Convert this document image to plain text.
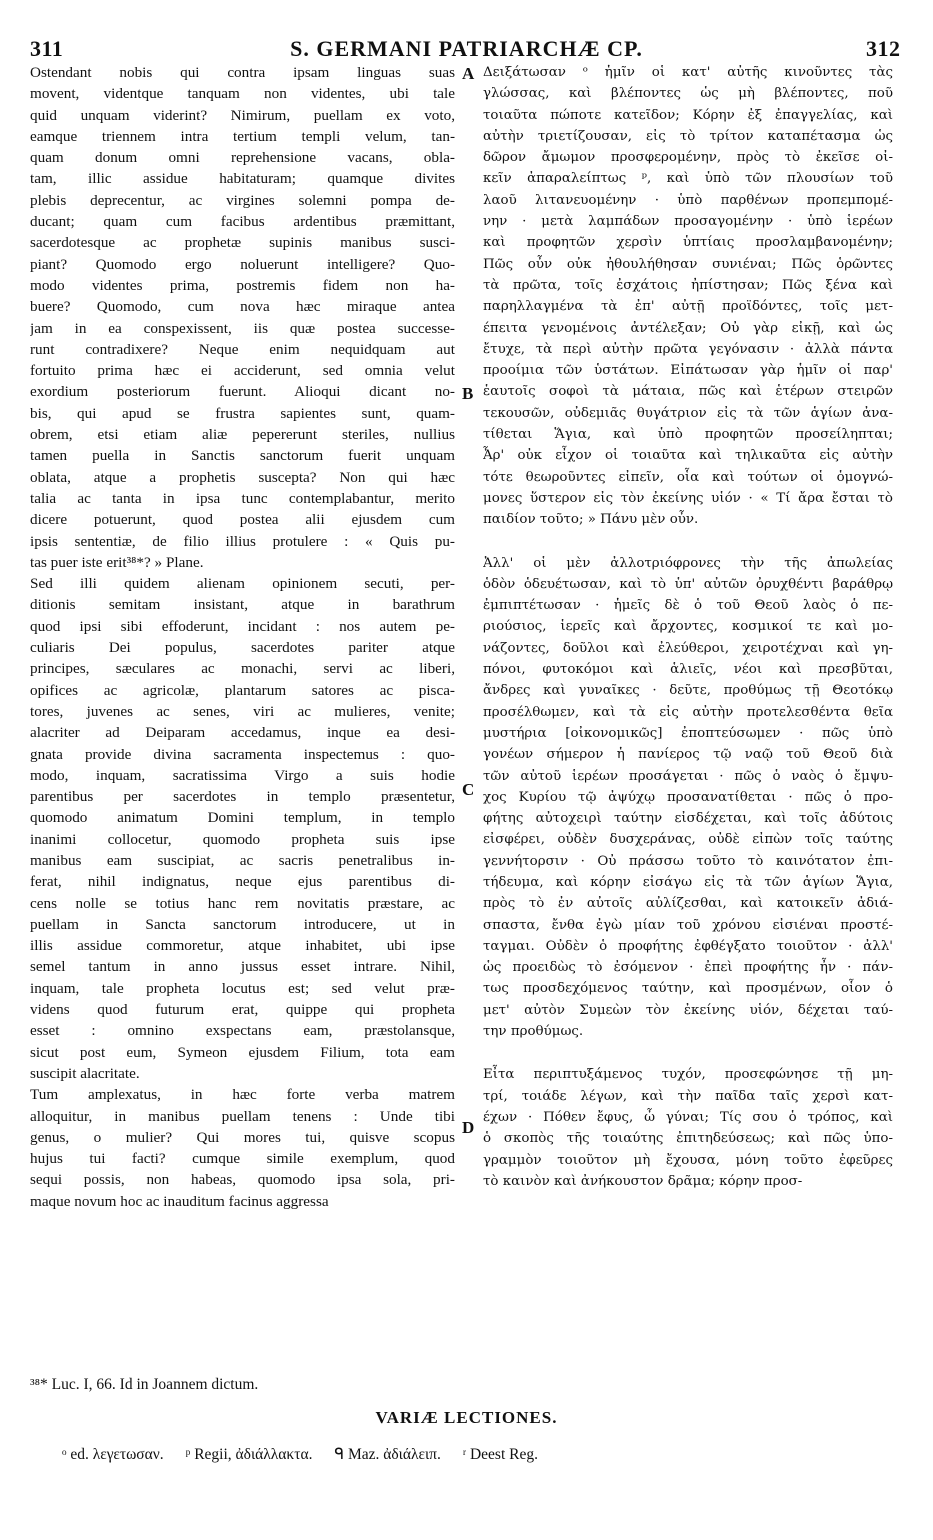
311	S. GERMANI PATRIARCHÆ CP.	312
A
B
C
D

Ostendant nobis qui contra ipsam linguas suas
movent, videntque tanquam non videntes, ubi tale
quid unquam viderint? Nimirum, puellam ex voto,
eamque triennem intra tertium templi velum, tan-
quam donum omni reprehensione vacans, obla-
tam, illic assidue habitaturam; quamque divites
plebis deprecentur, ac virgines solemni pompa de-
ducant; quam cum facibus ardentibus præmittant,
sacerdotesque ac prophetæ supinis manibus susci-
piant? Quomodo ergo noluerunt intelligere? Quo-
modo videntes prima, postremis fidem non ha-
buere? Quomodo, cum nova hæc miraque antea
jam in ea conspexissent, iis quæ postea successe-
runt contradixere? Neque enim nequidquam aut
fortuito prima hæc ei acciderunt, sed omnia velut
exordium posteriorum fuerunt. Alioqui dicant no-
bis, qui apud se frustra sapientes sunt, quam-
obrem, etsi etiam aliæ pepererunt steriles, nullius
tamen puella in Sanctis sanctorum fuerit unquam
oblata, atque a prophetis suscepta? Non qui hæc
talia ac tanta in ipsa tunc contemplabantur, merito
dicere potuerunt, quod postea alii ejusdem cum
ipsis sententiæ, de filio illius protulere : « Quis pu-
tas puer iste erit³⁸*? » Plane.

Sed illi quidem alienam opinionem secuti, per-
ditionis semitam insistant, atque in barathrum
quod ipsi sibi effoderunt, incidant : nos autem pe-
culiaris Dei populus, sacerdotes pariter atque
principes, sæculares ac monachi, servi ac liberi,
opifices ac agricolæ, plantarum satores ac pisca-
tores, juvenes ac senes, viri ac mulieres, venite;
alacriter ad Deiparam accedamus, inque ea desi-
gnata provide divina sacramenta inspectemus : quo-
modo, inquam, sacratissima Virgo a suis hodie
parentibus per sacerdotes in templo præsentetur,
quomodo animatum Domini templum, in templo
inanimi collocetur, quomodo propheta suis ipse
manibus eam suscipiat, ac sacris penetralibus in-
ferat, nihil indignatus, neque ejus parentibus di-
cens nolle se totius hanc rem novitatis præstare, ac
puellam in Sancta sanctorum introducere, ut in
illis assidue commoretur, atque inhabitet, ubi ipse
semel tantum in anno jussus esset intrare. Nihil,
inquam, tale propheta locutus est; sed velut præ-
videns quod futurum erat, quippe qui propheta
esset : omnino exspectans eam, præstolansque,
sicut post eum, Symeon ejusdem Filium, tota eam
suscipit alacritate.

Tum amplexatus, in hæc forte verba matrem
alloquitur, in manibus puellam tenens : Unde tibi
genus, o mulier? Qui mores tui, quisve scopus
hujus tui facti? cumque simile exemplum, quod
sequi possis, non habeas, quomodo ipsa sola, pri-
maque novum hoc ac inauditum facinus aggressa

Δειξάτωσαν ᵒ ἡμῖν οἱ κατ' αὐτῆς κινοῦντες τὰς
γλώσσας, καὶ βλέποντες ὡς μὴ βλέποντες, ποῦ
τοιαῦτα πώποτε κατεῖδον; Κόρην ἐξ ἐπαγγελίας, καὶ
αὐτὴν τριετίζουσαν, εἰς τὸ τρίτον καταπέτασμα ὡς
δῶρον ἄμωμον προσφερομένην, πρὸς τὸ ἐκεῖσε οἰ-
κεῖν ἀπαραλείπτως ᵖ, καὶ ὑπὸ τῶν πλουσίων τοῦ
λαοῦ λιτανευομένην · ὑπὸ παρθένων προπεμπομέ-
νην · μετὰ λαμπάδων προσαγομένην · ὑπὸ ἱερέων
καὶ προφητῶν χερσὶν ὑπτίαις προσλαμβανομένην;
Πῶς οὖν οὐκ ἠθουλήθησαν συνιέναι; Πῶς ὁρῶντες
τὰ πρῶτα, τοῖς ἐσχάτοις ἠπίστησαν; Πῶς ξένα καὶ
παρηλλαγμένα τὰ ἐπ' αὐτῇ προϊδόντες, τοῖς μετ-
έπειτα γενομένοις ἀντέλεξαν; Οὐ γὰρ εἰκῇ, καὶ ὡς
ἔτυχε, τὰ περὶ αὐτὴν πρῶτα γεγόνασιν · ἀλλὰ πάντα
προοίμια τῶν ὑστάτων. Εἰπάτωσαν γὰρ ἡμῖν οἱ παρ'
ἑαυτοῖς σοφοὶ τὰ μάταια, πῶς καὶ ἑτέρων στειρῶν
τεκουσῶν, οὐδεμιᾶς θυγάτριον εἰς τὰ τῶν ἁγίων ἀνα-
τίθεται Ἅγια, καὶ ὑπὸ προφητῶν προσείληπται;
Ἆρ' οὐκ εἶχον οἱ τοιαῦτα καὶ τηλικαῦτα εἰς αὐτὴν
τότε θεωροῦντες εἰπεῖν, οἷα καὶ τούτων οἱ ὁμογνώ-
μονες ὕστερον εἰς τὸν ἐκείνης υἱόν · « Τί ἄρα ἔσται τὸ
παιδίον τοῦτο; » Πάνυ μὲν οὖν.

Ἀλλ' οἱ μὲν ἀλλοτριόφρονες τὴν τῆς ἀπωλείας
ὁδὸν ὁδευέτωσαν, καὶ τὸ ὑπ' αὐτῶν ὀρυχθέντι βαράθρῳ
ἐμπιπτέτωσαν · ἡμεῖς δὲ ὁ τοῦ Θεοῦ λαὸς ὁ πε-
ριούσιος, ἱερεῖς καὶ ἄρχοντες, κοσμικοί τε καὶ μο-
νάζοντες, δοῦλοι καὶ ἐλεύθεροι, χειροτέχναι καὶ γη-
πόνοι, φυτοκόμοι καὶ ἁλιεῖς, νέοι καὶ πρεσβῦται,
ἄνδρες καὶ γυναῖκες · δεῦτε, προθύμως τῇ Θεοτόκῳ
προσέλθωμεν, καὶ τὰ εἰς αὐτὴν προτελεσθέντα θεῖα
μυστήρια [οἰκονομικῶς] ἐποπτεύσωμεν · πῶς ὑπὸ
γονέων σήμερον ἡ πανίερος τῷ ναῷ τοῦ Θεοῦ διὰ
τῶν αὐτοῦ ἱερέων προσάγεται · πῶς ὁ ναὸς ὁ ἔμψυ-
χος Κυρίου τῷ ἀψύχῳ προσανατίθεται · πῶς ὁ προ-
φήτης αὐτοχειρὶ ταύτην εἰσδέχεται, καὶ τοῖς ἀδύτοις
εἰσφέρει, οὐδὲν δυσχεράνας, οὐδὲ εἰπὼν τοῖς ταύτης
γεννήτορσιν · Οὐ πράσσω τοῦτο τὸ καινότατον ἐπι-
τήδευμα, καὶ κόρην εἰσάγω εἰς τὰ τῶν ἁγίων Ἅγια,
πρὸς τὸ ἐν αὐτοῖς αὐλίζεσθαι, καὶ κατοικεῖν ἀδιά-
σπαστα, ἔνθα ἐγὼ μίαν τοῦ χρόνου εἰσιέναι προστέ-
ταγμαι. Οὐδὲν ὁ προφήτης ἐφθέγξατο τοιοῦτον · ἀλλ'
ὡς προειδὼς τὸ ἐσόμενον · ἐπεὶ προφήτης ἦν · πάν-
τως προσδεχόμενος ταύτην, καὶ προσμένων, οἷον ὁ
μετ' αὐτὸν Συμεὼν τὸν ἐκείνης υἱόν, δέχεται ταύ-
την προθύμως.

Εἶτα περιπτυξάμενος τυχόν, προσεφώνησε τῇ μη-
τρί, τοιάδε λέγων, καὶ τὴν παῖδα ταῖς χερσὶ κατ-
έχων · Πόθεν ἔφυς, ὦ γύναι; Τίς σου ὁ τρόπος, καὶ
ὁ σκοπὸς τῆς τοιαύτης ἐπιτηδεύσεως; καὶ πῶς ὑπο-
γραμμὸν τοιοῦτον μὴ ἔχουσα, μόνη τοῦτο ἐφεῦρες
τὸ καινὸν καὶ ἀνήκουστον δρᾶμα; κόρην προσ-

³⁸* Luc. I, 66. Id in Joannem dictum.
VARIÆ LECTIONES.
ᵒ ed. λεγετωσαν. ᵖ Regii, ἀδιάλλακτα. ᑫ Maz. ἀδιάλειπ. ʳ Deest Reg.
